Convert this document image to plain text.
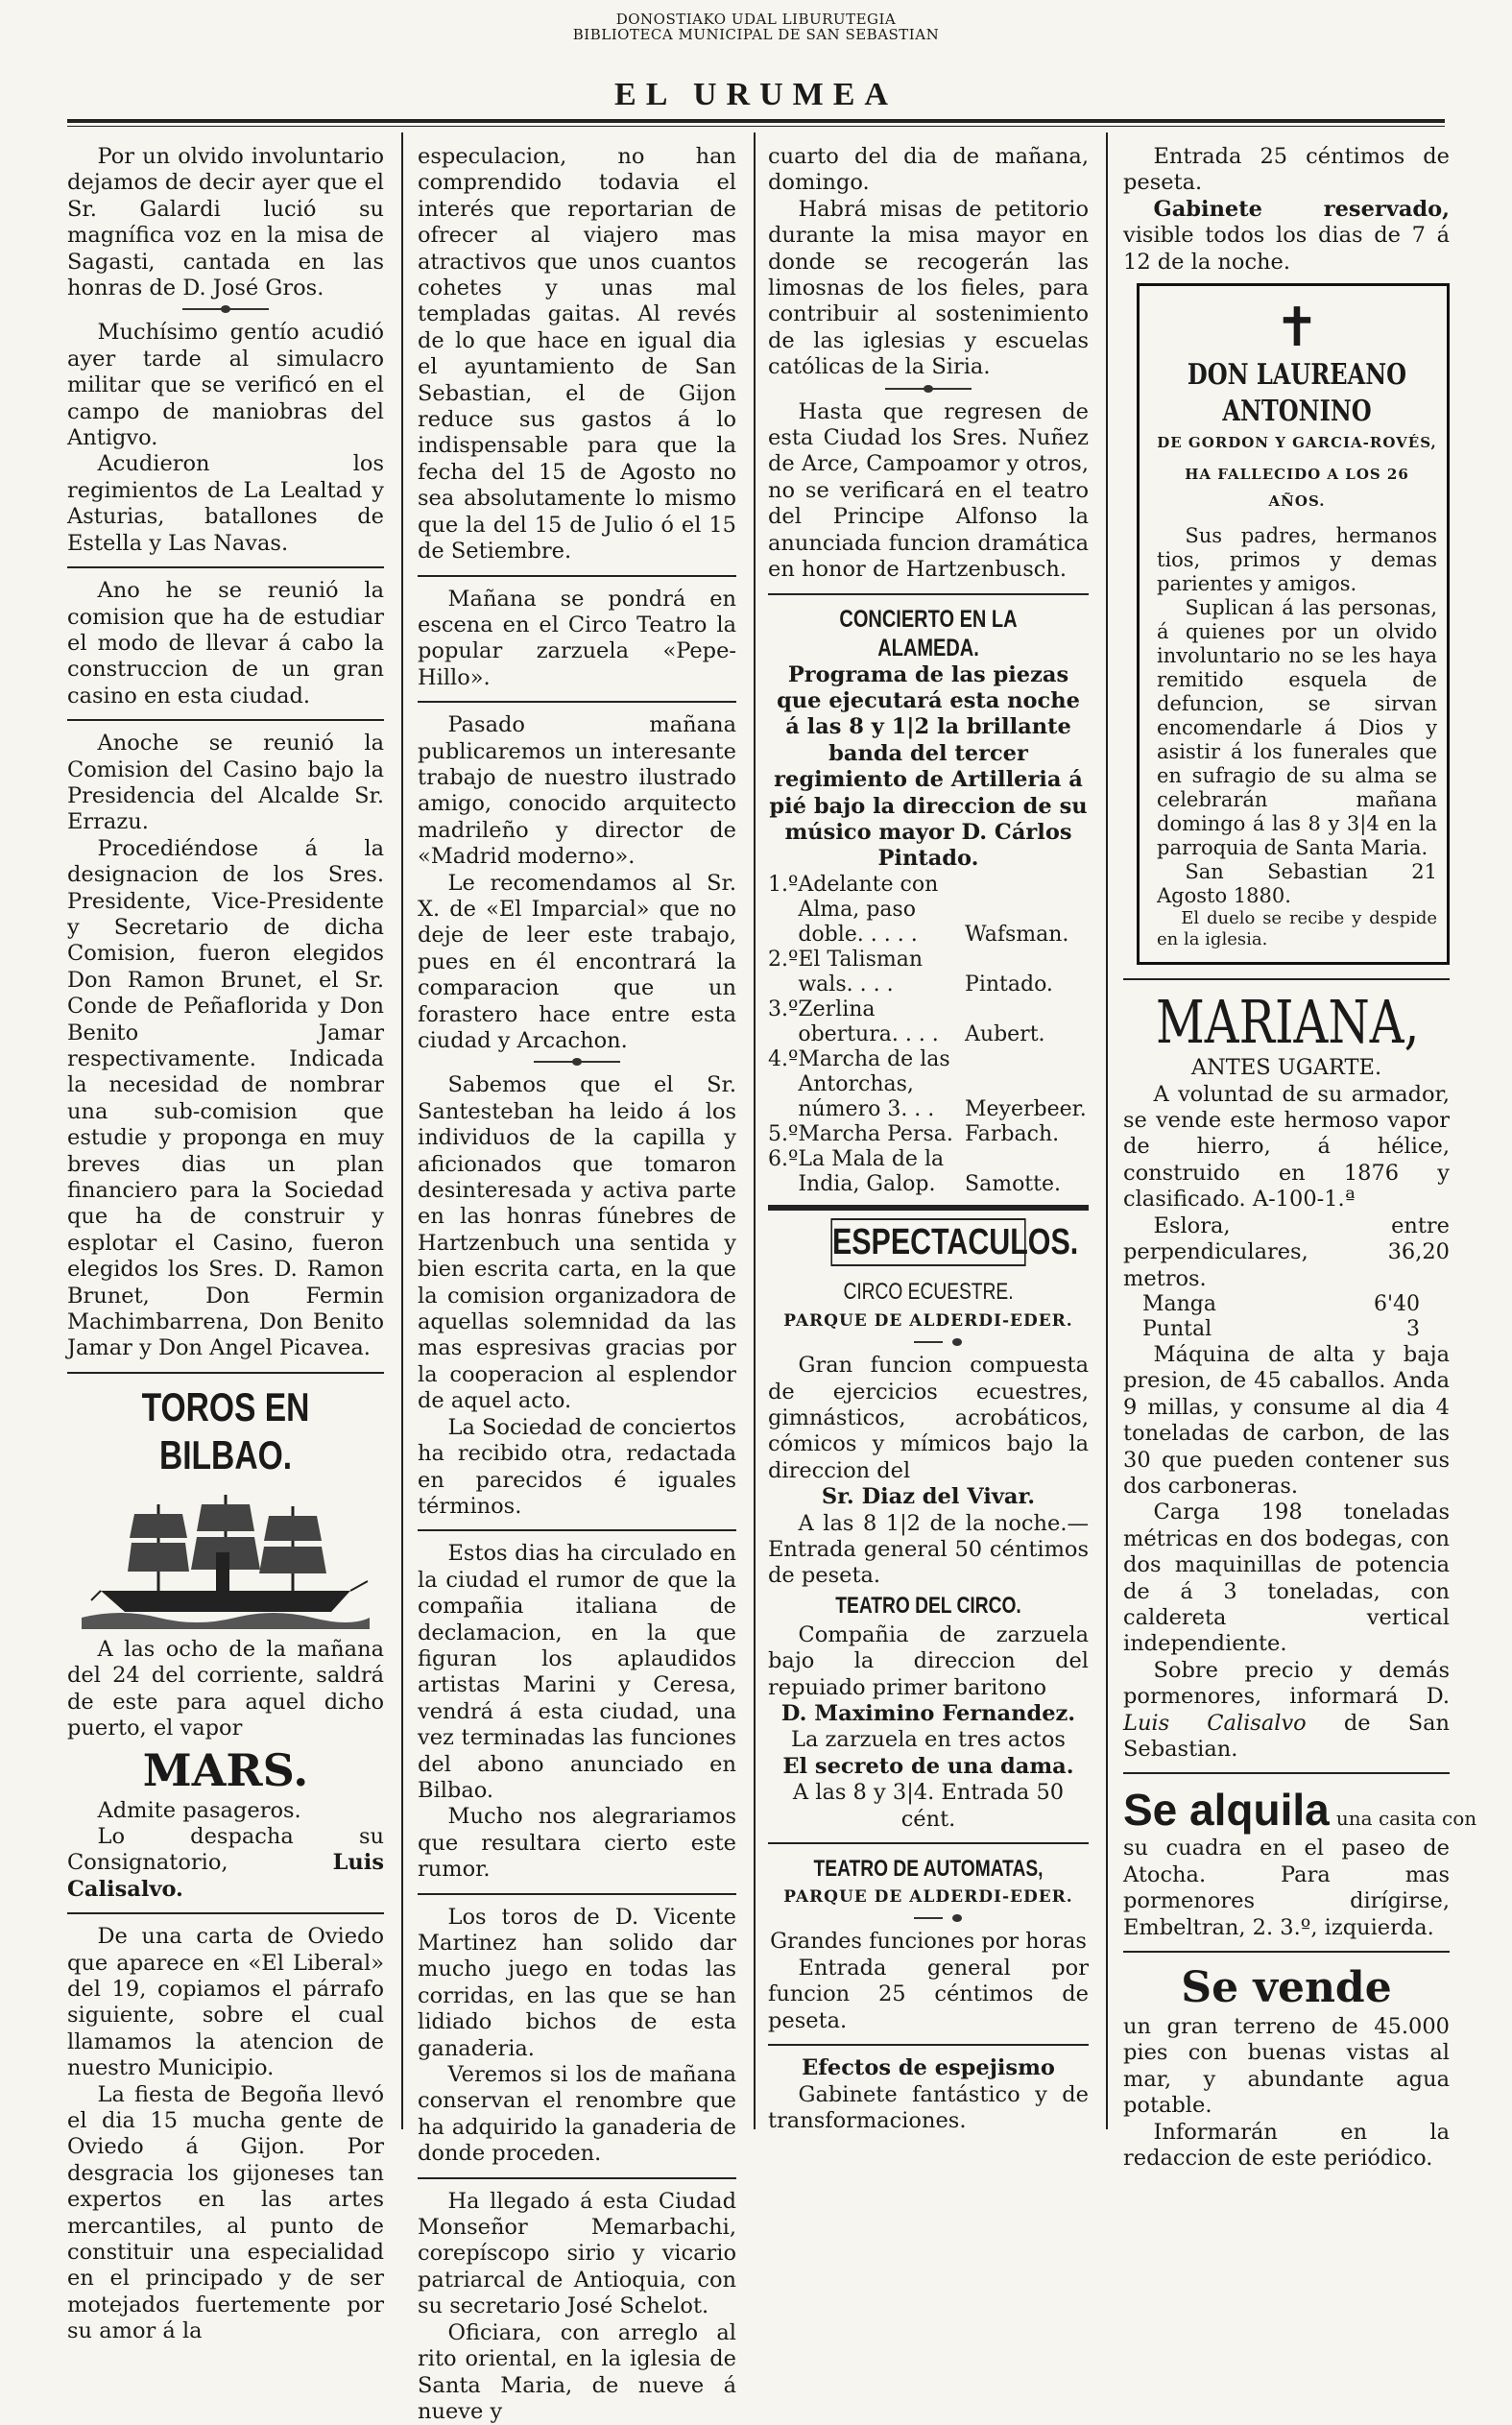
DONOSTIAKO UDAL LIBURUTEGIA
BIBLIOTECA MUNICIPAL DE SAN SEBASTIAN
EL URUMEA

Por un olvido involuntario dejamos de decir ayer que el Sr. Galardi lució su magnífica voz en la misa de Sagasti, cantada en las honras de D. José Gros.

Muchísimo gentío acudió ayer tarde al simulacro militar que se verificó en el campo de maniobras del Antigvo.

Acudieron los regimientos de La Lealtad y Asturias, batallones de Estella y Las Navas.

Ano he se reunió la comision que ha de estudiar el modo de llevar á cabo la construccion de un gran casino en esta ciudad.

Anoche se reunió la Comision del Casino bajo la Presidencia del Alcalde Sr. Errazu.

Procediéndose á la designacion de los Sres. Presidente, Vice-Presidente y Secretario de dicha Comision, fueron elegidos Don Ramon Brunet, el Sr. Conde de Peñaflorida y Don Benito Jamar respectivamente. Indicada la necesidad de nombrar una sub-comision que estudie y proponga en muy breves dias un plan financiero para la Sociedad que ha de construir y esplotar el Casino, fueron elegidos los Sres. D. Ramon Brunet, Don Fermin Machimbarrena, Don Benito Jamar y Don Angel Picavea.

TOROS EN BILBAO.

A las ocho de la mañana del 24 del corriente, saldrá de este para aquel dicho puerto, el vapor

MARS.

Admite pasageros.

Lo despacha su Consignatorio,	Luis Calisalvo.

De una carta de Oviedo que aparece en «El Liberal» del 19, copiamos el párrafo siguiente, sobre el cual llamamos la atencion de nuestro Municipio.

La fiesta de Begoña llevó el dia 15 mucha gente de Oviedo á Gijon. Por desgracia los gijoneses tan expertos en las artes mercantiles, al punto de constituir una especialidad en el principado y de ser motejados fuertemente por su amor á la

especulacion, no han comprendido todavia el interés que reportarian de ofrecer al viajero mas atractivos que unos cuantos cohetes y unas mal templadas gaitas. Al revés de lo que hace en igual dia el ayuntamiento de San Sebastian, el de Gijon reduce sus gastos á lo indispensable para que la fecha del 15 de Agosto no sea absolutamente lo mismo que la del 15 de Julio ó el 15 de Setiembre.

Mañana se pondrá en escena en el Circo Teatro la popular zarzuela «Pepe-Hillo».

Pasado mañana publicaremos un interesante trabajo de nuestro ilustrado amigo, conocido arquitecto madrileño y director de «Madrid moderno».

Le recomendamos al Sr. X. de «El Imparcial» que no deje de leer este trabajo, pues en él encontrará la comparacion que un forastero hace entre esta ciudad y Arcachon.

Sabemos que el Sr. Santesteban ha leido á los individuos de la capilla y aficionados que tomaron desinteresada y activa parte en las honras fúnebres de Hartzenbuch una sentida y bien escrita carta, en la que la comision organizadora de aquellas solemnidad da las mas espresivas gracias por la cooperacion al esplendor de aquel acto.

La Sociedad de conciertos ha recibido otra, redactada en parecidos é iguales términos.

Estos dias ha circulado en la ciudad el rumor de que la compañia italiana de declamacion, en la que figuran los aplaudidos artistas Marini y Ceresa, vendrá á esta ciudad, una vez terminadas las funciones del abono anunciado en Bilbao.

Mucho nos alegrariamos que resultara cierto este rumor.

Los toros de D. Vicente Martinez han solido dar mucho juego en todas las corridas, en las que se han lidiado bichos de esta ganaderia.

Veremos si los de mañana conservan el renombre que ha adquirido la ganaderia de donde proceden.

Ha llegado á esta Ciudad Monseñor Memarbachi, corepíscopo sirio y vicario patriarcal de Antioquia, con su secretario José Schelot.

Oficiara, con arreglo al rito oriental, en la iglesia de Santa Maria, de nueve á nueve y

cuarto del dia de mañana, domingo.

Habrá misas de petitorio durante la misa mayor en donde se recogerán las limosnas de los fieles, para contribuir al sostenimiento de las iglesias y escuelas católicas de la Siria.

Hasta que regresen de esta Ciudad los Sres. Nuñez de Arce, Campoamor y otros, no se verificará en el teatro del Principe Alfonso la anunciada funcion dramática en honor de Hartzenbusch.

CONCIERTO EN LA ALAMEDA.

Programa de las piezas que ejecutará esta noche á las 8 y 1|2 la brillante banda del tercer regimiento de Artilleria á pié bajo la direccion de su músico mayor D. Cárlos Pintado.

1.º	Adelante con Alma, paso doble. . . . .	Wafsman.
2.º	El Talisman wals. . . .	Pintado.
3.º	Zerlina obertura. . . .	Aubert.
4.º	Marcha de las Antorchas, número 3. . .	Meyerbeer.
5.º	Marcha Persa.	Farbach.
6.º	La Mala de la India, Galop.	Samotte.
ESPECTACULOS.
CIRCO ECUESTRE.
PARQUE DE ALDERDI-EDER.

Gran funcion compuesta de ejercicios ecuestres, gimnásticos, acrobáticos, cómicos y mímicos bajo la direccion del

Sr. Diaz del Vivar.

A las 8 1|2 de la noche.— Entrada general 50 céntimos de peseta.

TEATRO DEL CIRCO.

Compañia de zarzuela bajo la direccion del repuiado primer baritono

D. Maximino Fernandez.

La zarzuela en tres actos

El secreto de una dama.

A las 8 y 3|4. Entrada 50 cént.

TEATRO DE AUTOMATAS,
PARQUE DE ALDERDI-EDER.

Grandes funciones por horas

Entrada general por funcion 25 céntimos de peseta.

Efectos de espejismo

Gabinete fantástico y de transformaciones.

Entrada 25 céntimos de peseta.

Gabinete reservado, visible todos los dias de 7 á 12 de la noche.

✝
DON LAUREANO ANTONINO
DE GORDON Y GARCIA-ROVÉS,
HA FALLECIDO A LOS 26 AÑOS.

Sus padres, hermanos tios, primos y demas parientes y amigos.

Suplican á las personas, á quienes por un olvido involuntario no se les haya remitido esquela de defuncion, se sirvan encomendarle á Dios y asistir á los funerales que en sufragio de su alma se celebrarán mañana domingo á las 8 y 3|4 en la parroquia de Santa Maria.

San Sebastian 21 Agosto 1880.

El duelo se recibe y despide en la iglesia.

MARIANA,
ANTES UGARTE.

A voluntad de su armador, se vende este hermoso vapor de hierro, á hélice, construido en 1876 y clasificado. A-100-1.ª

Eslora, entre perpendiculares, 36,20 metros.

Manga	6'40
Puntal	3

Máquina de alta y baja presion, de 45 caballos. Anda 9 millas, y consume al dia 4 toneladas de carbon, de las 30 que pueden contener sus dos carboneras.

Carga 198 toneladas métricas en dos bodegas, con dos maquinillas de potencia de á 3 toneladas, con caldereta vertical independiente.

Sobre precio y demás pormenores, informará D. Luis Calisalvo de San Sebastian.

Se alquila una casita con

su cuadra en el paseo de Atocha. Para mas pormenores dirígirse, Embeltran, 2. 3.º, izquierda.

Se vende

un gran terreno de 45.000 pies con buenas vistas al mar, y abundante agua potable.

Informarán en la redaccion de este periódico.
